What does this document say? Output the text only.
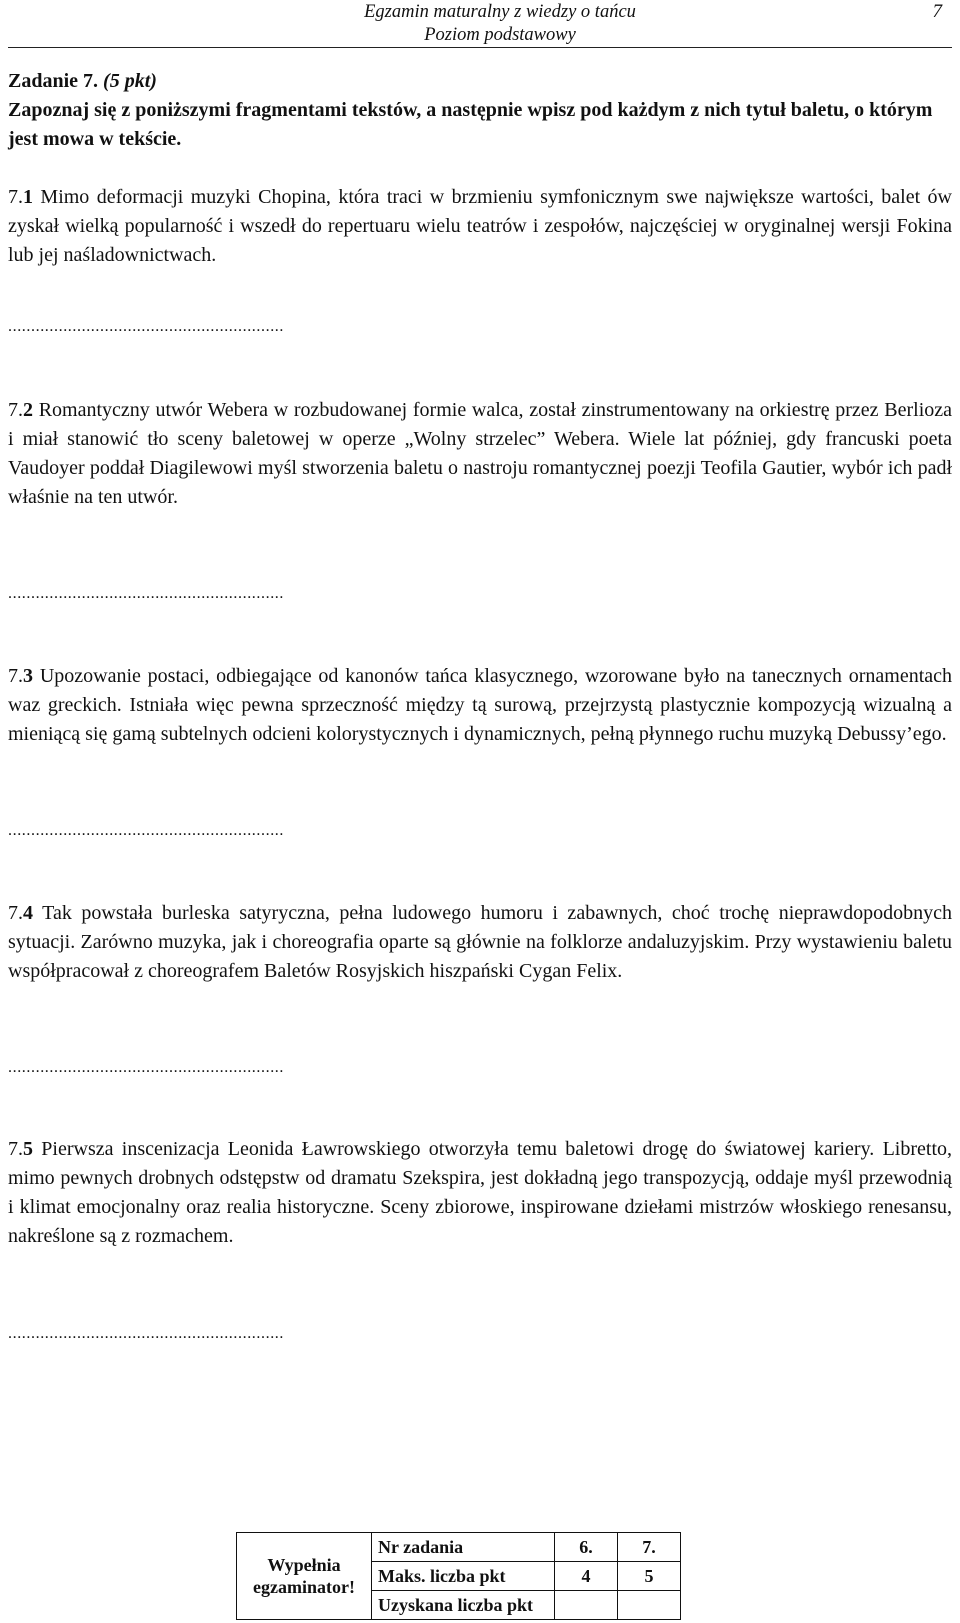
Egzamin maturalny z wiedzy o tańcu
Poziom podstawowy
7
Zadanie 7. (5 pkt)
Zapoznaj się z poniższymi fragmentami tekstów, a następnie wpisz pod każdym z nich tytuł baletu, o którym jest mowa w tekście.
7.1 Mimo deformacji muzyki Chopina, która traci w brzmieniu symfonicznym swe największe wartości, balet ów zyskał wielką popularność i wszedł do repertuaru wielu teatrów i zespołów, najczęściej w oryginalnej wersji Fokina lub jej naśladownictwach.
............................................................
7.2 Romantyczny utwór Webera w rozbudowanej formie walca, został zinstrumentowany na orkiestrę przez Berlioza i miał stanowić tło sceny baletowej w operze „Wolny strzelec” Webera. Wiele lat później, gdy francuski poeta Vaudoyer poddał Diagilewowi myśl stworzenia baletu o nastroju romantycznej poezji Teofila Gautier, wybór ich padł właśnie na ten utwór.
............................................................
7.3 Upozowanie postaci, odbiegające od kanonów tańca klasycznego, wzorowane było na tanecznych ornamentach waz greckich. Istniała więc pewna sprzeczność między tą surową, przejrzystą plastycznie kompozycją wizualną a mieniącą się gamą subtelnych odcieni kolorystycznych i dynamicznych, pełną płynnego ruchu muzyką Debussy’ego.
............................................................
7.4 Tak powstała burleska satyryczna, pełna ludowego humoru i zabawnych, choć trochę nieprawdopodobnych sytuacji. Zarówno muzyka, jak i choreografia oparte są głównie na folklorze andaluzyjskim. Przy wystawieniu baletu współpracował z choreografem Baletów Rosyjskich hiszpański Cygan Felix.
............................................................
7.5 Pierwsza inscenizacja Leonida Ławrowskiego otworzyła temu baletowi drogę do światowej kariery. Libretto, mimo pewnych drobnych odstępstw od dramatu Szekspira, jest dokładną jego transpozycją, oddaje myśl przewodnią i klimat emocjonalny oraz realia historyczne. Sceny zbiorowe, inspirowane dziełami mistrzów włoskiego renesansu, nakreślone są z rozmachem.
............................................................
Wypełnia
egzaminator!	Nr zadania	6.	7.
	Maks. liczba pkt	4	5
	Uzyskana liczba pkt		
